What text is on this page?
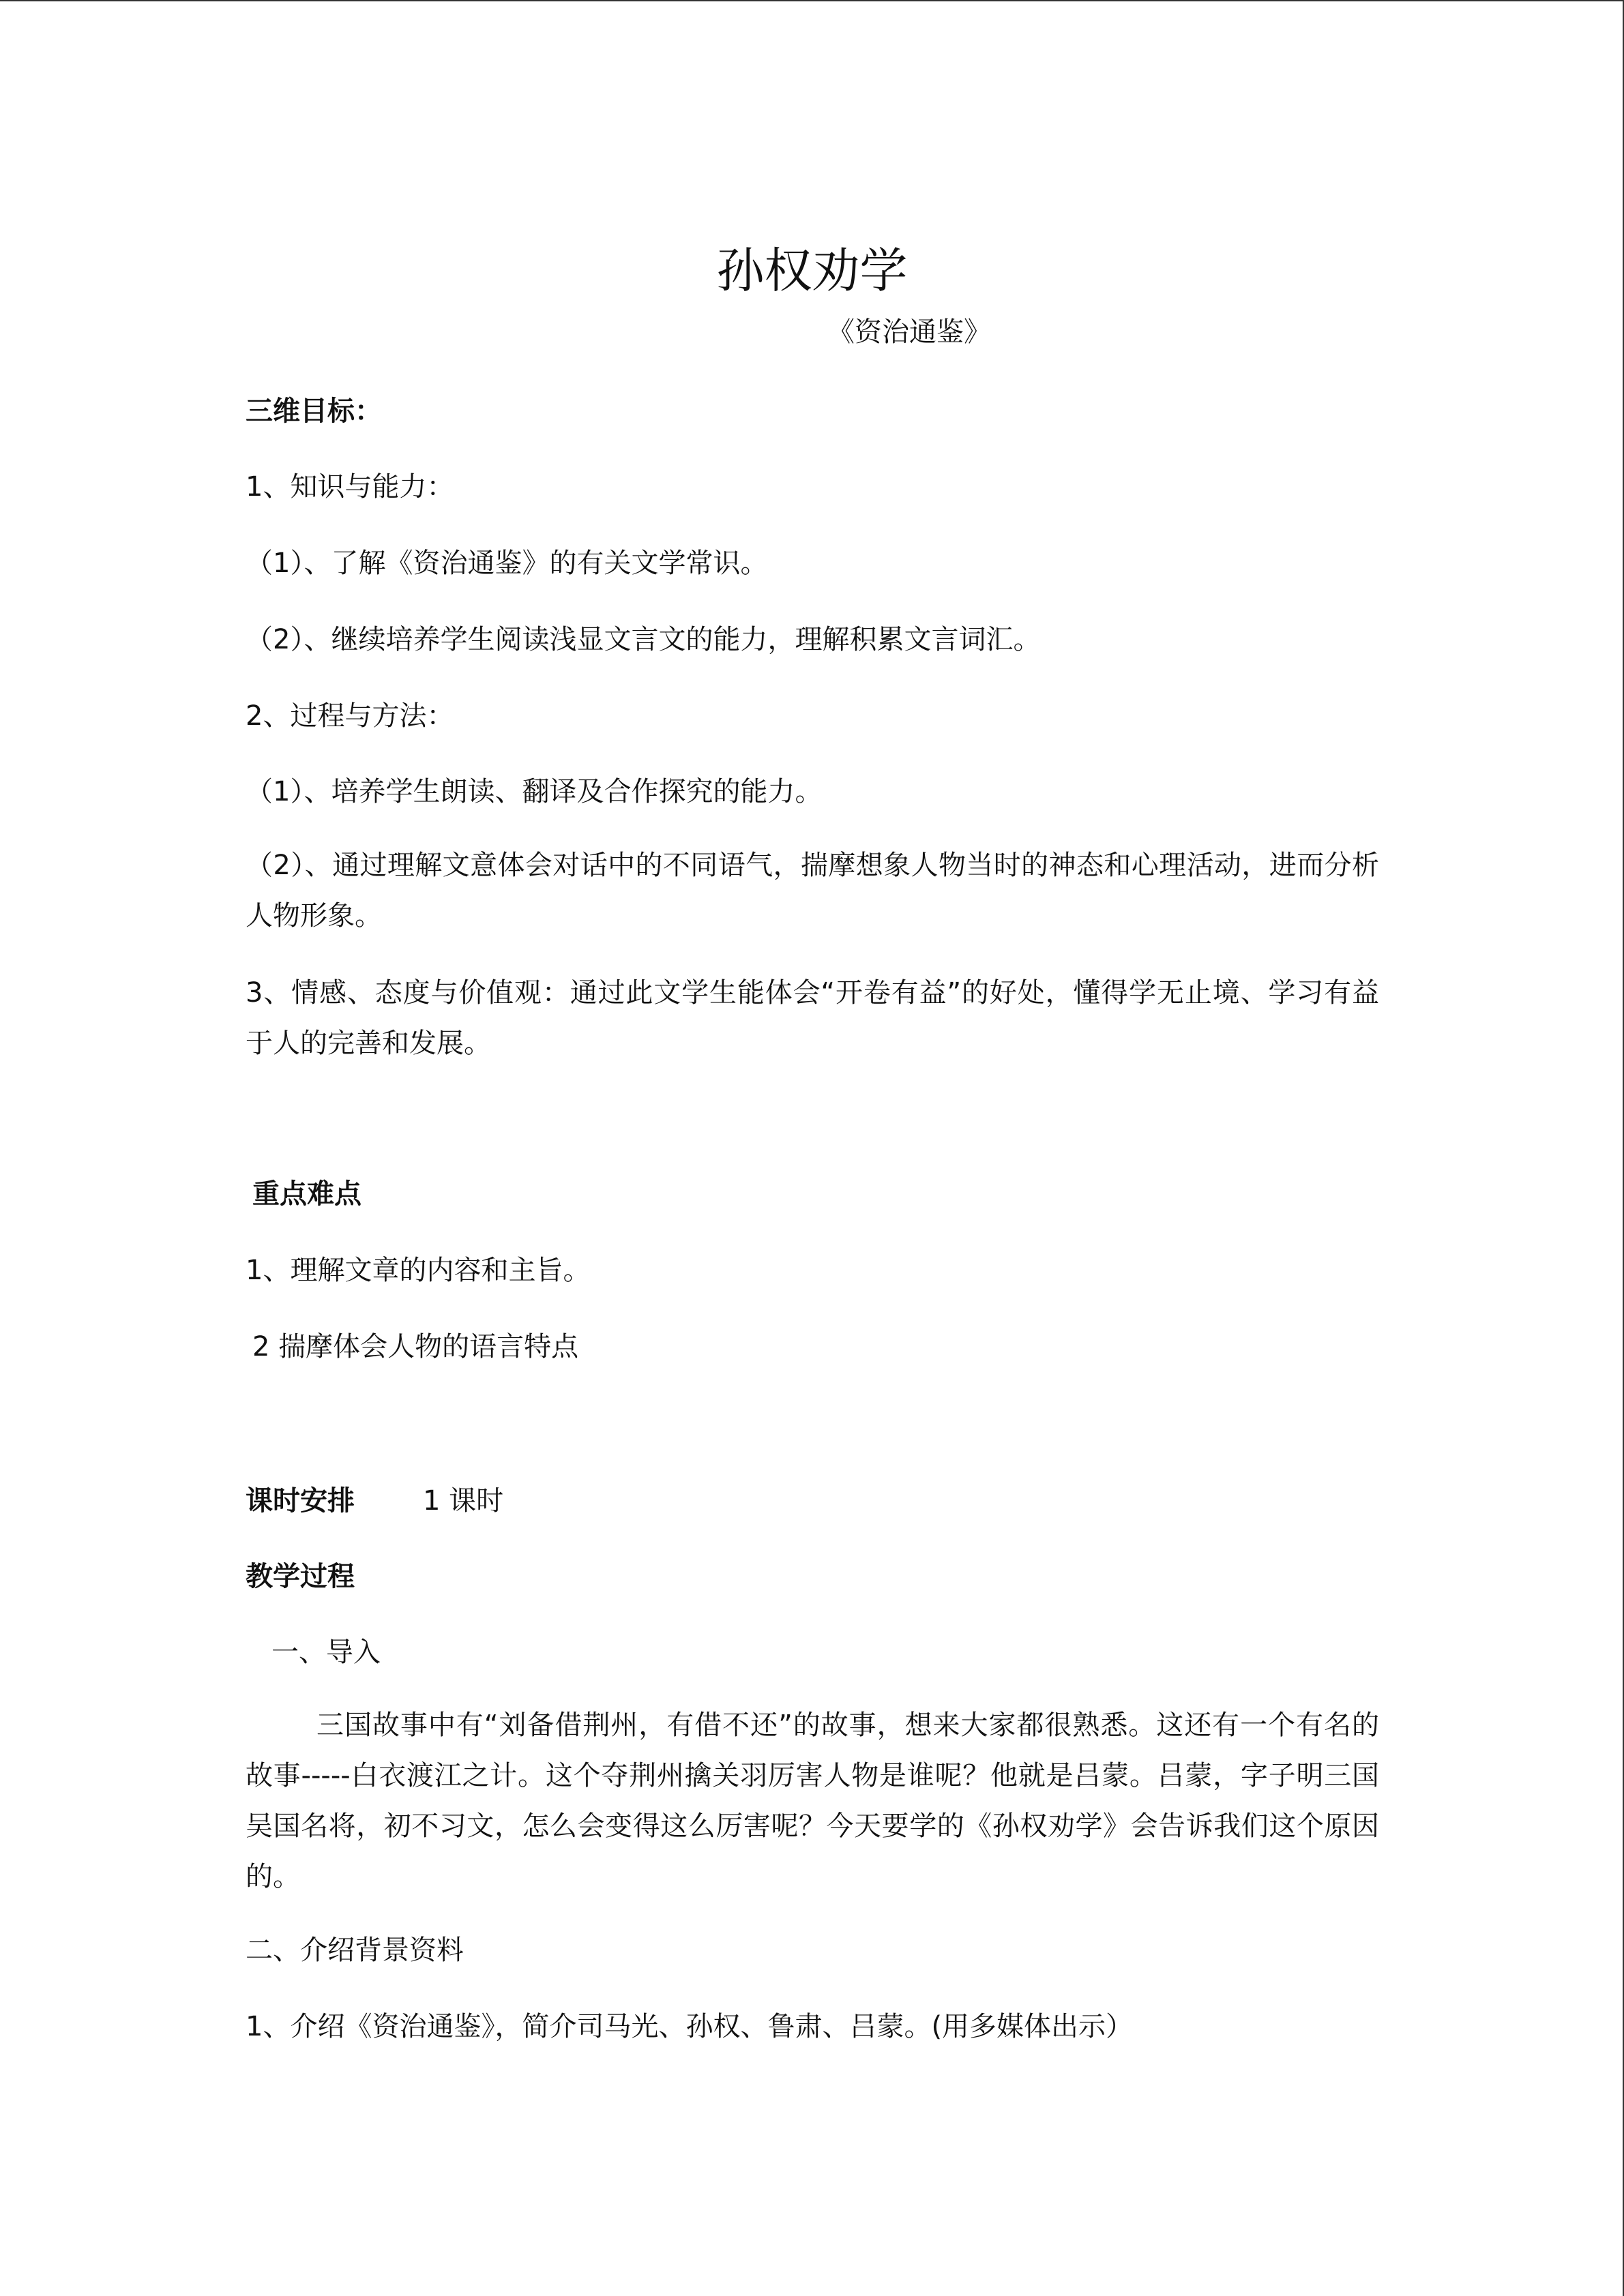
孙权劝学
《资治通鉴》
三维目标：
1、知识与能力：
（1）、了解《资治通鉴》的有关文学常识。
（2）、继续培养学生阅读浅显文言文的能力，理解积累文言词汇。
2、过程与方法：
（1）、培养学生朗读、翻译及合作探究的能力。
（2）、通过理解文意体会对话中的不同语气，揣摩想象人物当时的神态和心理活动，进而分析人物形象。
3、情感、态度与价值观：通过此文学生能体会“开卷有益”的好处，懂得学无止境、学习有益于人的完善和发展。
重点难点
1、理解文章的内容和主旨。
2 揣摩体会人物的语言特点
课时安排	1 课时
教学过程
一、导入
三国故事中有“刘备借荆州，有借不还”的故事，想来大家都很熟悉。这还有一个有名的故事-----白衣渡江之计。这个夺荆州擒关羽厉害人物是谁呢？他就是吕蒙。吕蒙，字子明三国吴国名将，初不习文，怎么会变得这么厉害呢？今天要学的《孙权劝学》会告诉我们这个原因的。
二、介绍背景资料
1、介绍《资治通鉴》，简介司马光、孙权、鲁肃、吕蒙。(用多媒体出示）
